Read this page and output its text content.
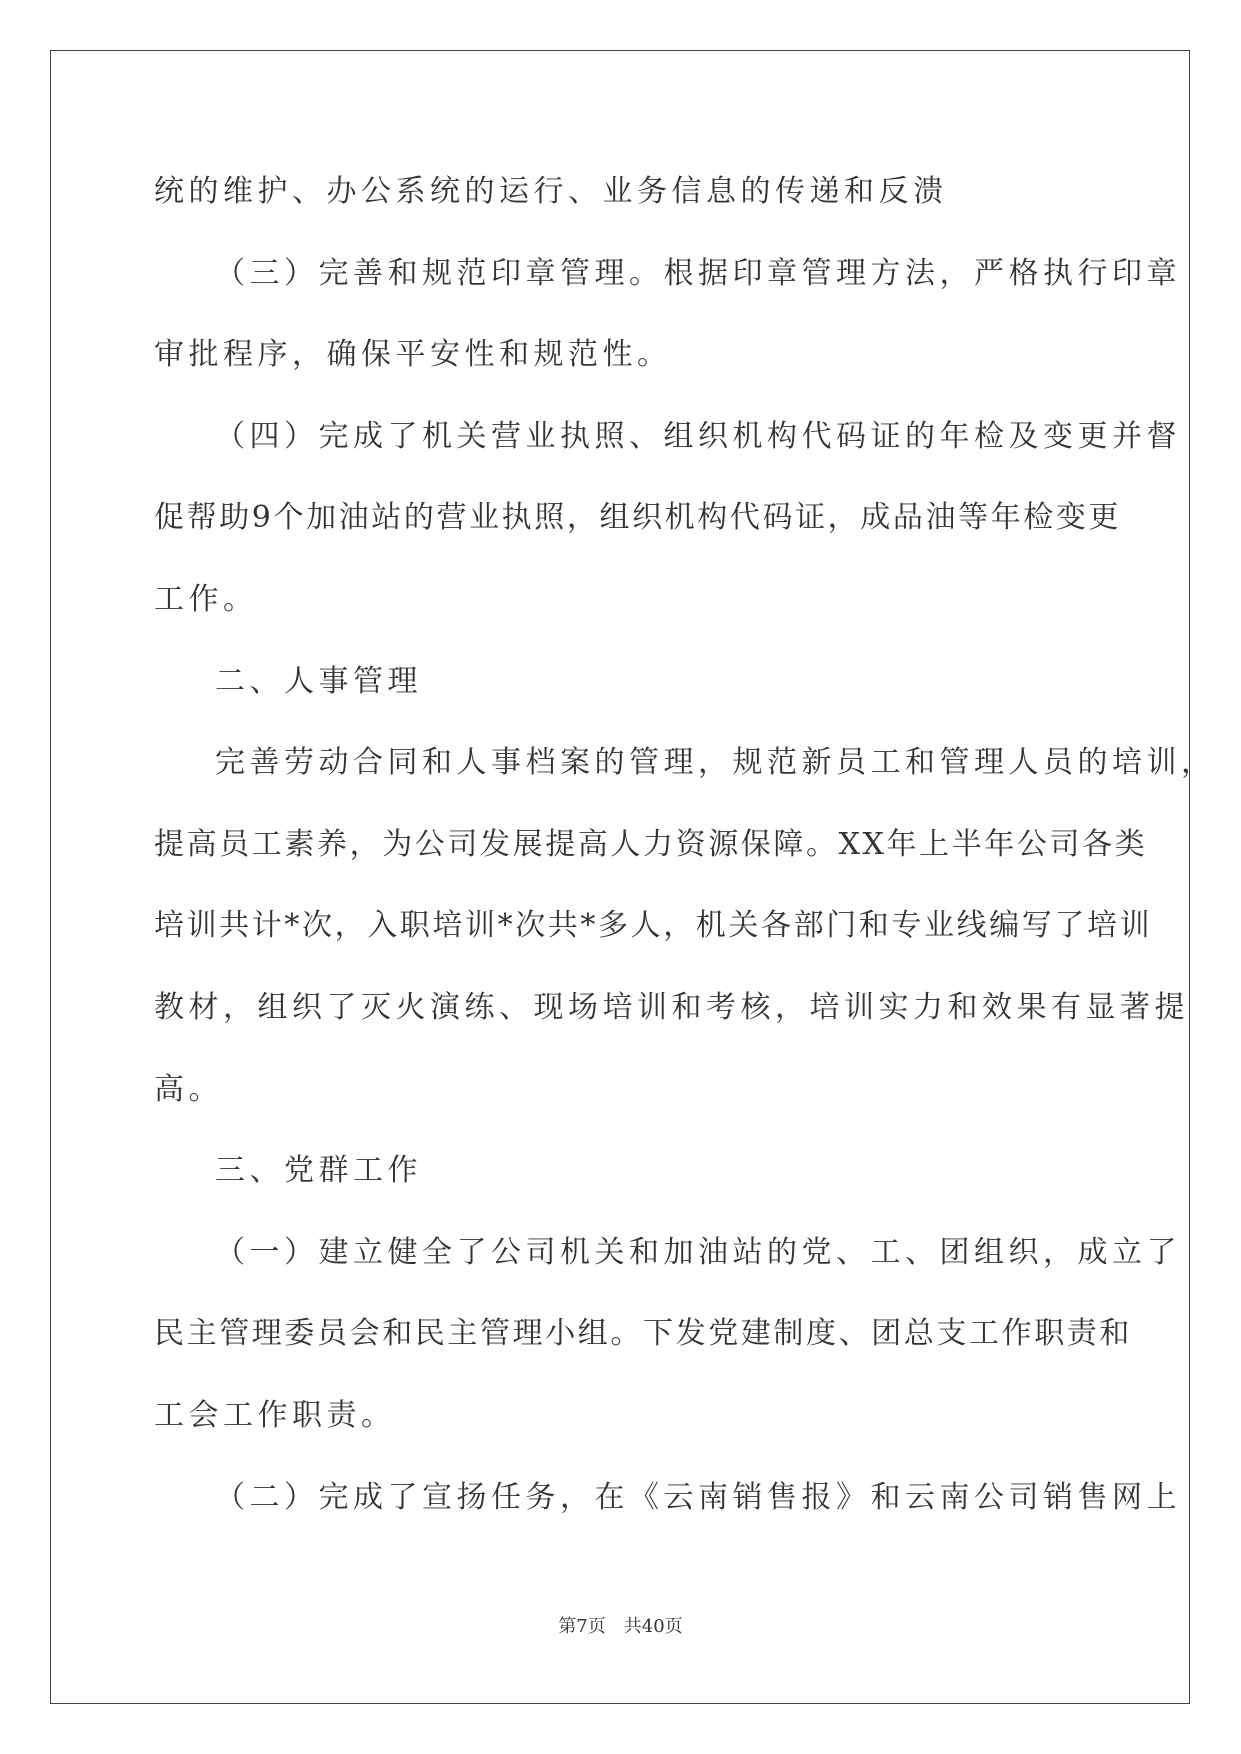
统的维护、办公系统的运行、业务信息的传递和反溃
（三）完善和规范印章管理。根据印章管理方法，严格执行印章
审批程序，确保平安性和规范性。
（四）完成了机关营业执照、组织机构代码证的年检及变更并督
促帮助9个加油站的营业执照，组织机构代码证，成品油等年检变更
工作。
二、人事管理
完善劳动合同和人事档案的管理，规范新员工和管理人员的培训，
提高员工素养，为公司发展提高人力资源保障。XX年上半年公司各类
培训共计*次，入职培训*次共*多人，机关各部门和专业线编写了培训
教材，组织了灭火演练、现场培训和考核，培训实力和效果有显著提
高。
三、党群工作
（一）建立健全了公司机关和加油站的党、工、团组织，成立了
民主管理委员会和民主管理小组。下发党建制度、团总支工作职责和
工会工作职责。
（二）完成了宣扬任务，在《云南销售报》和云南公司销售网上
第7页 共40页
